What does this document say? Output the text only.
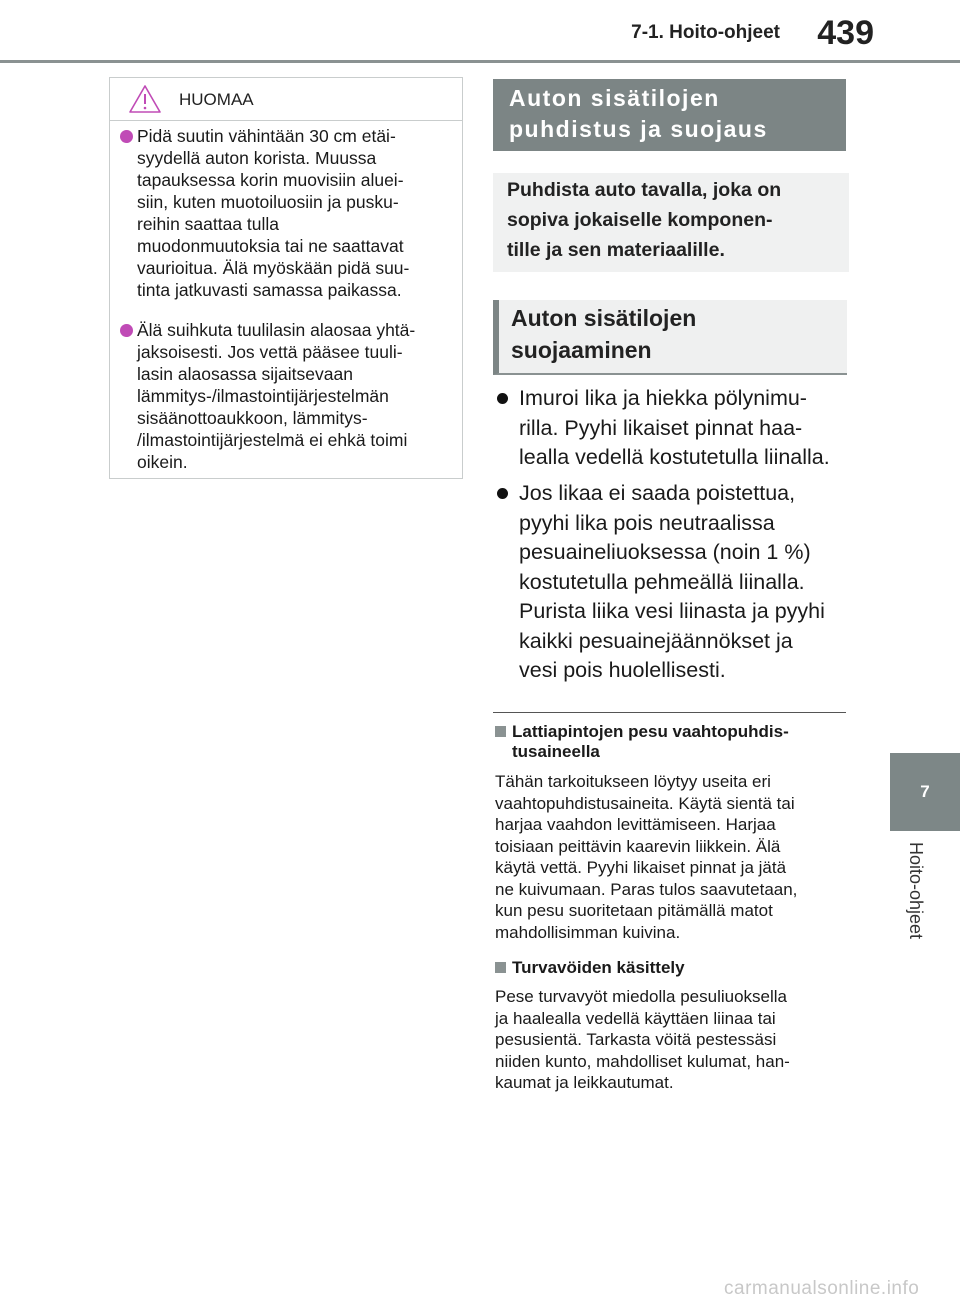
7-1. Hoito-ohjeet 439
7
Hoito-ohjeet
HUOMAA
Pidä suutin vähintään 30 cm etäi-
syydellä auton korista. Muussa
tapauksessa korin muovisiin aluei-
siin, kuten muotoiluosiin ja pusku-
reihin saattaa tulla
muodonmuutoksia tai ne saattavat
vaurioitua. Älä myöskään pidä suu-
tinta jatkuvasti samassa paikassa.
Älä suihkuta tuulilasin alaosaa yhtä-
jaksoisesti. Jos vettä pääsee tuuli-
lasin alaosassa sijaitsevaan
lämmitys-/ilmastointijärjestelmän
sisäänottoaukkoon, lämmitys-
/ilmastointijärjestelmä ei ehkä toimi
oikein.
Auton sisätilojen
puhdistus ja suojaus
Puhdista auto tavalla, joka on
sopiva jokaiselle komponen-
tille ja sen materiaalille.
Auton sisätilojen
suojaaminen
Imuroi lika ja hiekka pölynimu-
rilla. Pyyhi likaiset pinnat haa-
lealla vedellä kostutetulla liinalla.
Jos likaa ei saada poistettua,
pyyhi lika pois neutraalissa
pesuaineliuoksessa (noin 1 %)
kostutetulla pehmeällä liinalla.
Purista liika vesi liinasta ja pyyhi
kaikki pesuainejäännökset ja
vesi pois huolellisesti.
Lattiapintojen pesu vaahtopuhdis-
tusaineella
Tähän tarkoitukseen löytyy useita eri
vaahtopuhdistusaineita. Käytä sientä tai
harjaa vaahdon levittämiseen. Harjaa
toisiaan peittävin kaarevin liikkein. Älä
käytä vettä. Pyyhi likaiset pinnat ja jätä
ne kuivumaan. Paras tulos saavutetaan,
kun pesu suoritetaan pitämällä matot
mahdollisimman kuivina.
Turvavöiden käsittely
Pese turvavyöt miedolla pesuliuoksella
ja haalealla vedellä käyttäen liinaa tai
pesusientä. Tarkasta vöitä pestessäsi
niiden kunto, mahdolliset kulumat, han-
kaumat ja leikkautumat.
carmanualsonline.info
